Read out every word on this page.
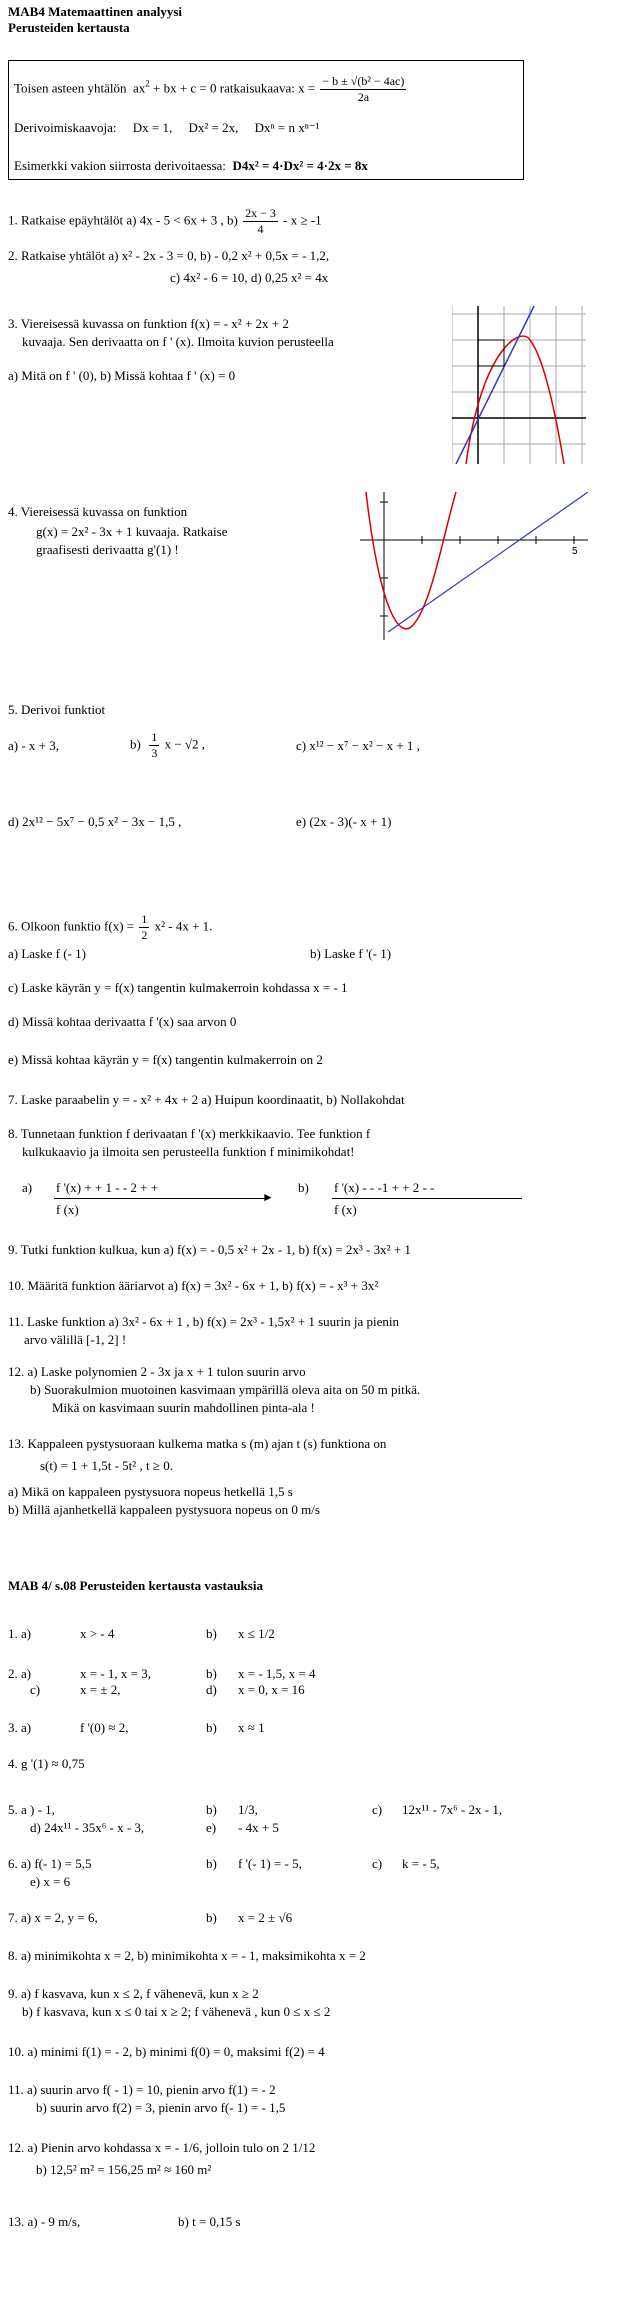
MAB4 Matemaattinen analyysi
Perusteiden kertausta
Toisen asteen yhtälön $ax^2$ + bx + c = 0 ratkaisukaava: $x = \frac{\text{− b ± √(b² − 4ac)}}{2a}$
Derivoimiskaavoja: Dx = 1, Dx² = 2x, Dxⁿ = n xⁿ⁻¹
Esimerkki vakion siirrosta derivoitaessa: D4x² = 4·Dx² = 4·2x = 8x
1. Ratkaise epäyhtälöt a) 4x - 5 < 6x + 3 , $b) \frac{2x - 3}{4} - x \ge -1$
2. Ratkaise yhtälöt a) x² - 2x - 3 = 0, b) - 0,2 x² + 0,5x = - 1,2,
c) 4x² - 6 = 10, d) 0,25 x² = 4x
3. Viereisessä kuvassa on funktion f(x) = - x² + 2x + 2
kuvaaja. Sen derivaatta on f ' (x). Ilmoita kuvion perusteella
a) Mitä on f ' (0), b) Missä kohtaa f ' (x) = 0
4. Viereisessä kuvassa on funktion
g(x) = 2x² - 3x + 1 kuvaaja. Ratkaise
graafisesti derivaatta g'(1) !	5
5. Derivoi funktiot
a) - x + 3,	$b) \frac{1}{3}$ x − √2 ,	c) x¹² − x⁷ − x² − x + 1 ,
d) 2x¹² − 5x⁷ − 0,5 x² − 3x − 1,5 ,	e) (2x - 3)(- x + 1)
6. Olkoon funktio $f(x) = \frac{1}{2} x^2 - 4x + 1$.
a) Laske f (- 1)	b) Laske f '(- 1)
c) Laske käyrän y = f(x) tangentin kulmakerroin kohdassa x = - 1
d) Missä kohtaa derivaatta f '(x) saa arvon 0
e) Missä kohtaa käyrän y = f(x) tangentin kulmakerroin on 2
7. Laske paraabelin y = - x² + 4x + 2 a) Huipun koordinaatit, b) Nollakohdat
8. Tunnetaan funktion f derivaatan f '(x) merkkikaavio. Tee funktion f
kulkukaavio ja ilmoita sen perusteella funktion f minimikohdat!
a) f '(x) + + 1 - - 2 + +
►
f (x)
b) f '(x) - - -1 + + 2 - -
f (x)
9. Tutki funktion kulkua, kun a) f(x) = - 0,5 x² + 2x - 1, b) f(x) = 2x³ - 3x² + 1
10. Määritä funktion ääriarvot a) f(x) = 3x² - 6x + 1, b) f(x) = - x³ + 3x²
11. Laske funktion a) 3x² - 6x + 1 , b) f(x) = 2x³ - 1,5x² + 1 suurin ja pienin
arvo välillä [-1, 2] !
12. a) Laske polynomien 2 - 3x ja x + 1 tulon suurin arvo
b) Suorakulmion muotoinen kasvimaan ympärillä oleva aita on 50 m pitkä.
Mikä on kasvimaan suurin mahdollinen pinta-ala !
13. Kappaleen pystysuoraan kulkema matka s (m) ajan t (s) funktiona on
s(t) = 1 + 1,5t - 5t² , t ≥ 0.
a) Mikä on kappaleen pystysuora nopeus hetkellä 1,5 s
b) Millä ajanhetkellä kappaleen pystysuora nopeus on 0 m/s
MAB 4/ s.08 Perusteiden kertausta vastauksia
1. a)	x > - 4	b) x ≤ 1/2
2. a)	x = - 1, x = 3,	b) x = - 1,5, x = 4
c)	x = ± 2,	d) x = 0, x = 16
3. a)	f '(0) ≈ 2,	b) x ≈ 1
4. g '(1) ≈ 0,75
5. a ) - 1,	b) 1/3,	c) 12x¹¹ - 7x⁶ - 2x - 1,
d) 24x¹¹ - 35x⁶ - x - 3,	e) - 4x + 5
6. a) f(- 1) = 5,5	b) f '(- 1) = - 5,	c) k = - 5,
e) x = 6
7. a) x = 2, y = 6,	b) x = 2 ± √6
8. a) minimikohta x = 2, b) minimikohta x = - 1, maksimikohta x = 2
9. a) f kasvava, kun x ≤ 2, f vähenevä, kun x ≥ 2
b) f kasvava, kun x ≤ 0 tai x ≥ 2; f vähenevä , kun 0 ≤ x ≤ 2
10. a) minimi f(1) = - 2, b) minimi f(0) = 0, maksimi f(2) = 4
11. a) suurin arvo f( - 1) = 10, pienin arvo f(1) = - 2
b) suurin arvo f(2) = 3, pienin arvo f(- 1) = - 1,5
12. a) Pienin arvo kohdassa x = - 1/6, jolloin tulo on 2 1/12
b) 12,5² m² = 156,25 m² ≈ 160 m²
13. a) - 9 m/s,	b) t = 0,15 s
